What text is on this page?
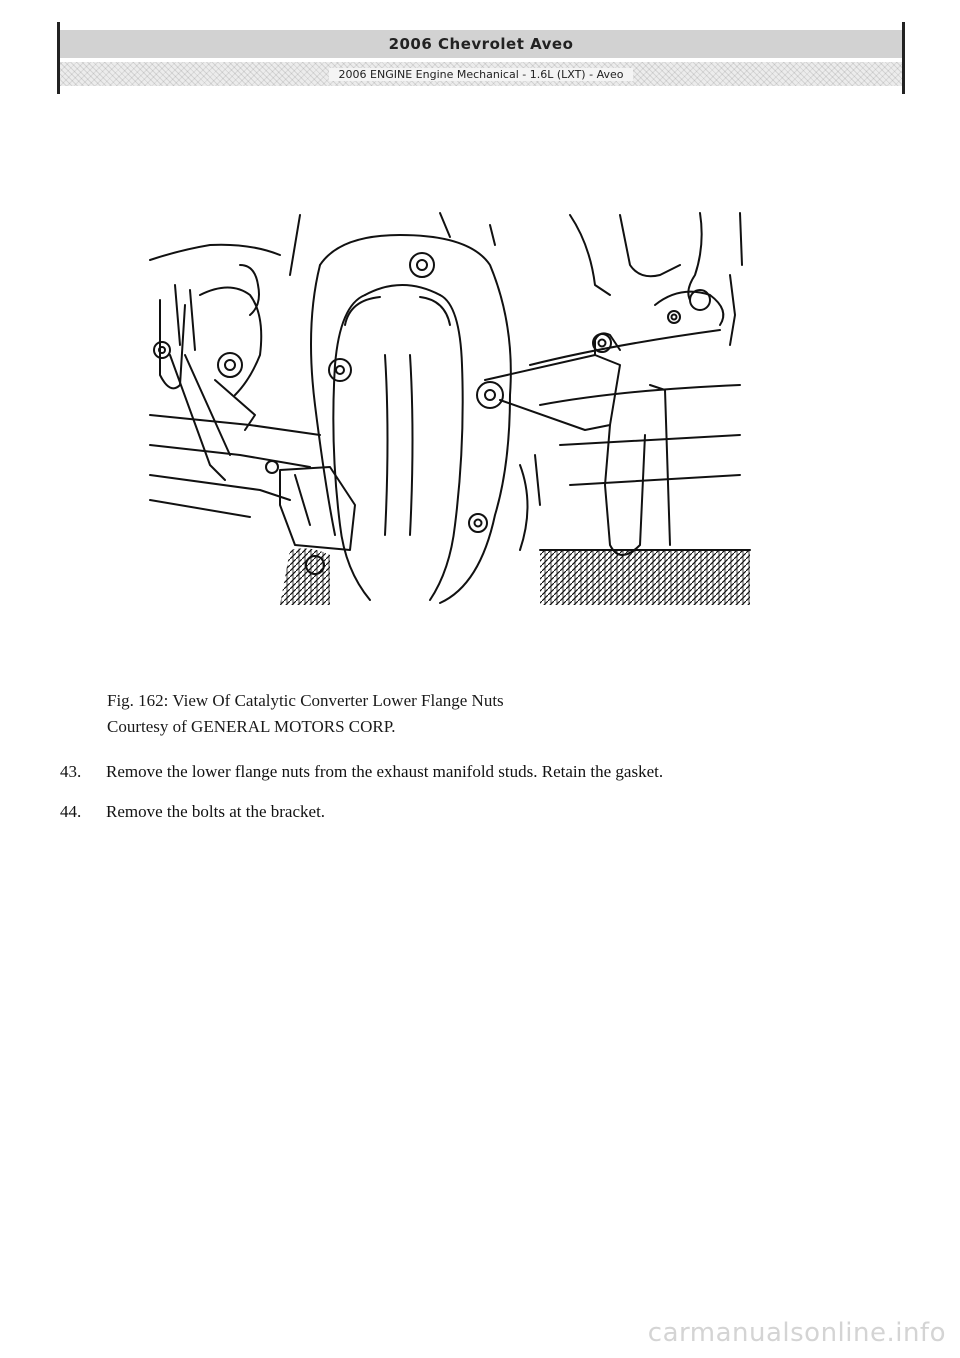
2006 Chevrolet Aveo
2006 ENGINE Engine Mechanical - 1.6L (LXT) - Aveo
Fig. 162: View Of Catalytic Converter Lower Flange Nuts
Courtesy of GENERAL MOTORS CORP.
43.	Remove the lower flange nuts from the exhaust manifold studs. Retain the gasket.
44.	Remove the bolts at the bracket.
carmanualsonline.info
